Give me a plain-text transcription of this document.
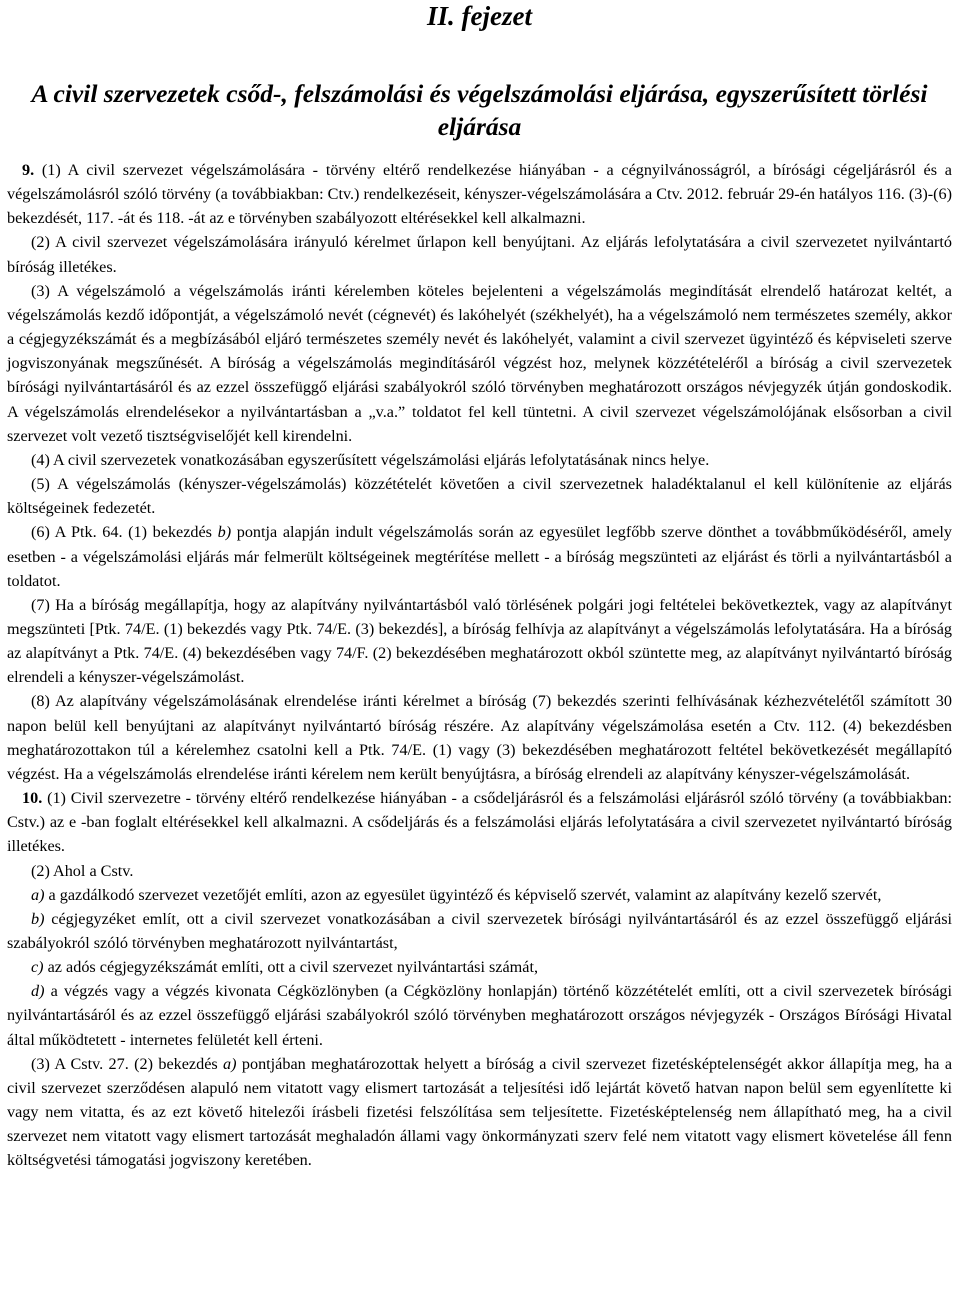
II. fejezet
A civil szervezetek csőd-, felszámolási és végelszámolási eljárása, egyszerűsített törlési eljárása

9. (1) A civil szervezet végelszámolására - törvény eltérő rendelkezése hiányában - a cégnyilvánosságról, a bírósági cégeljárásról és a végelszámolásról szóló törvény (a továbbiakban: Ctv.) rendelkezéseit, kényszer-végelszámolására a Ctv. 2012. február 29-én hatályos 116. (3)-(6) bekezdését, 117. -át és 118. -át az e törvényben szabályozott eltérésekkel kell alkalmazni.

(2) A civil szervezet végelszámolására irányuló kérelmet űrlapon kell benyújtani. Az eljárás lefolytatására a civil szervezetet nyilvántartó bíróság illetékes.

(3) A végelszámoló a végelszámolás iránti kérelemben köteles bejelenteni a végelszámolás megindítását elrendelő határozat keltét, a végelszámolás kezdő időpontját, a végelszámoló nevét (cégnevét) és lakóhelyét (székhelyét), ha a végelszámoló nem természetes személy, akkor a cégjegyzékszámát és a megbízásából eljáró természetes személy nevét és lakóhelyét, valamint a civil szervezet ügyintéző és képviseleti szerve jogviszonyának megszűnését. A bíróság a végelszámolás megindításáról végzést hoz, melynek közzétételéről a bíróság a civil szervezetek bírósági nyilvántartásáról és az ezzel összefüggő eljárási szabályokról szóló törvényben meghatározott országos névjegyzék útján gondoskodik. A végelszámolás elrendelésekor a nyilvántartásban a „v.a.” toldatot fel kell tüntetni. A civil szervezet végelszámolójának elsősorban a civil szervezet volt vezető tisztségviselőjét kell kirendelni.

(4) A civil szervezetek vonatkozásában egyszerűsített végelszámolási eljárás lefolytatásának nincs helye.

(5) A végelszámolás (kényszer-végelszámolás) közzétételét követően a civil szervezetnek haladéktalanul el kell különítenie az eljárás költségeinek fedezetét.

(6) A Ptk. 64. (1) bekezdés b) pontja alapján indult végelszámolás során az egyesület legfőbb szerve dönthet a továbbműködéséről, amely esetben - a végelszámolási eljárás már felmerült költségeinek megtérítése mellett - a bíróság megszünteti az eljárást és törli a nyilvántartásból a toldatot.

(7) Ha a bíróság megállapítja, hogy az alapítvány nyilvántartásból való törlésének polgári jogi feltételei bekövetkeztek, vagy az alapítványt megszünteti [Ptk. 74/E. (1) bekezdés vagy Ptk. 74/E. (3) bekezdés], a bíróság felhívja az alapítványt a végelszámolás lefolytatására. Ha a bíróság az alapítványt a Ptk. 74/E. (4) bekezdésében vagy 74/F. (2) bekezdésében meghatározott okból szüntette meg, az alapítványt nyilvántartó bíróság elrendeli a kényszer-végelszámolást.

(8) Az alapítvány végelszámolásának elrendelése iránti kérelmet a bíróság (7) bekezdés szerinti felhívásának kézhezvételétől számított 30 napon belül kell benyújtani az alapítványt nyilvántartó bíróság részére. Az alapítvány végelszámolása esetén a Ctv. 112. (4) bekezdésben meghatározottakon túl a kérelemhez csatolni kell a Ptk. 74/E. (1) vagy (3) bekezdésében meghatározott feltétel bekövetkezését megállapító végzést. Ha a végelszámolás elrendelése iránti kérelem nem került benyújtásra, a bíróság elrendeli az alapítvány kényszer-végelszámolását.

10. (1) Civil szervezetre - törvény eltérő rendelkezése hiányában - a csődeljárásról és a felszámolási eljárásról szóló törvény (a továbbiakban: Cstv.) az e -ban foglalt eltérésekkel kell alkalmazni. A csődeljárás és a felszámolási eljárás lefolytatására a civil szervezetet nyilvántartó bíróság illetékes.

(2) Ahol a Cstv.

a) a gazdálkodó szervezet vezetőjét említi, azon az egyesület ügyintéző és képviselő szervét, valamint az alapítvány kezelő szervét,

b) cégjegyzéket említ, ott a civil szervezet vonatkozásában a civil szervezetek bírósági nyilvántartásáról és az ezzel összefüggő eljárási szabályokról szóló törvényben meghatározott nyilvántartást,

c) az adós cégjegyzékszámát említi, ott a civil szervezet nyilvántartási számát,

d) a végzés vagy a végzés kivonata Cégközlönyben (a Cégközlöny honlapján) történő közzétételét említi, ott a civil szervezetek bírósági nyilvántartásáról és az ezzel összefüggő eljárási szabályokról szóló törvényben meghatározott országos névjegyzék - Országos Bírósági Hivatal által működtetett - internetes felületét kell érteni.

(3) A Cstv. 27. (2) bekezdés a) pontjában meghatározottak helyett a bíróság a civil szervezet fizetésképtelenségét akkor állapítja meg, ha a civil szervezet szerződésen alapuló nem vitatott vagy elismert tartozását a teljesítési idő lejártát követő hatvan napon belül sem egyenlítette ki vagy nem vitatta, és az ezt követő hitelezői írásbeli fizetési felszólítása sem teljesítette. Fizetésképtelenség nem állapítható meg, ha a civil szervezet nem vitatott vagy elismert tartozását meghaladón állami vagy önkormányzati szerv felé nem vitatott vagy elismert követelése áll fenn költségvetési támogatási jogviszony keretében.
